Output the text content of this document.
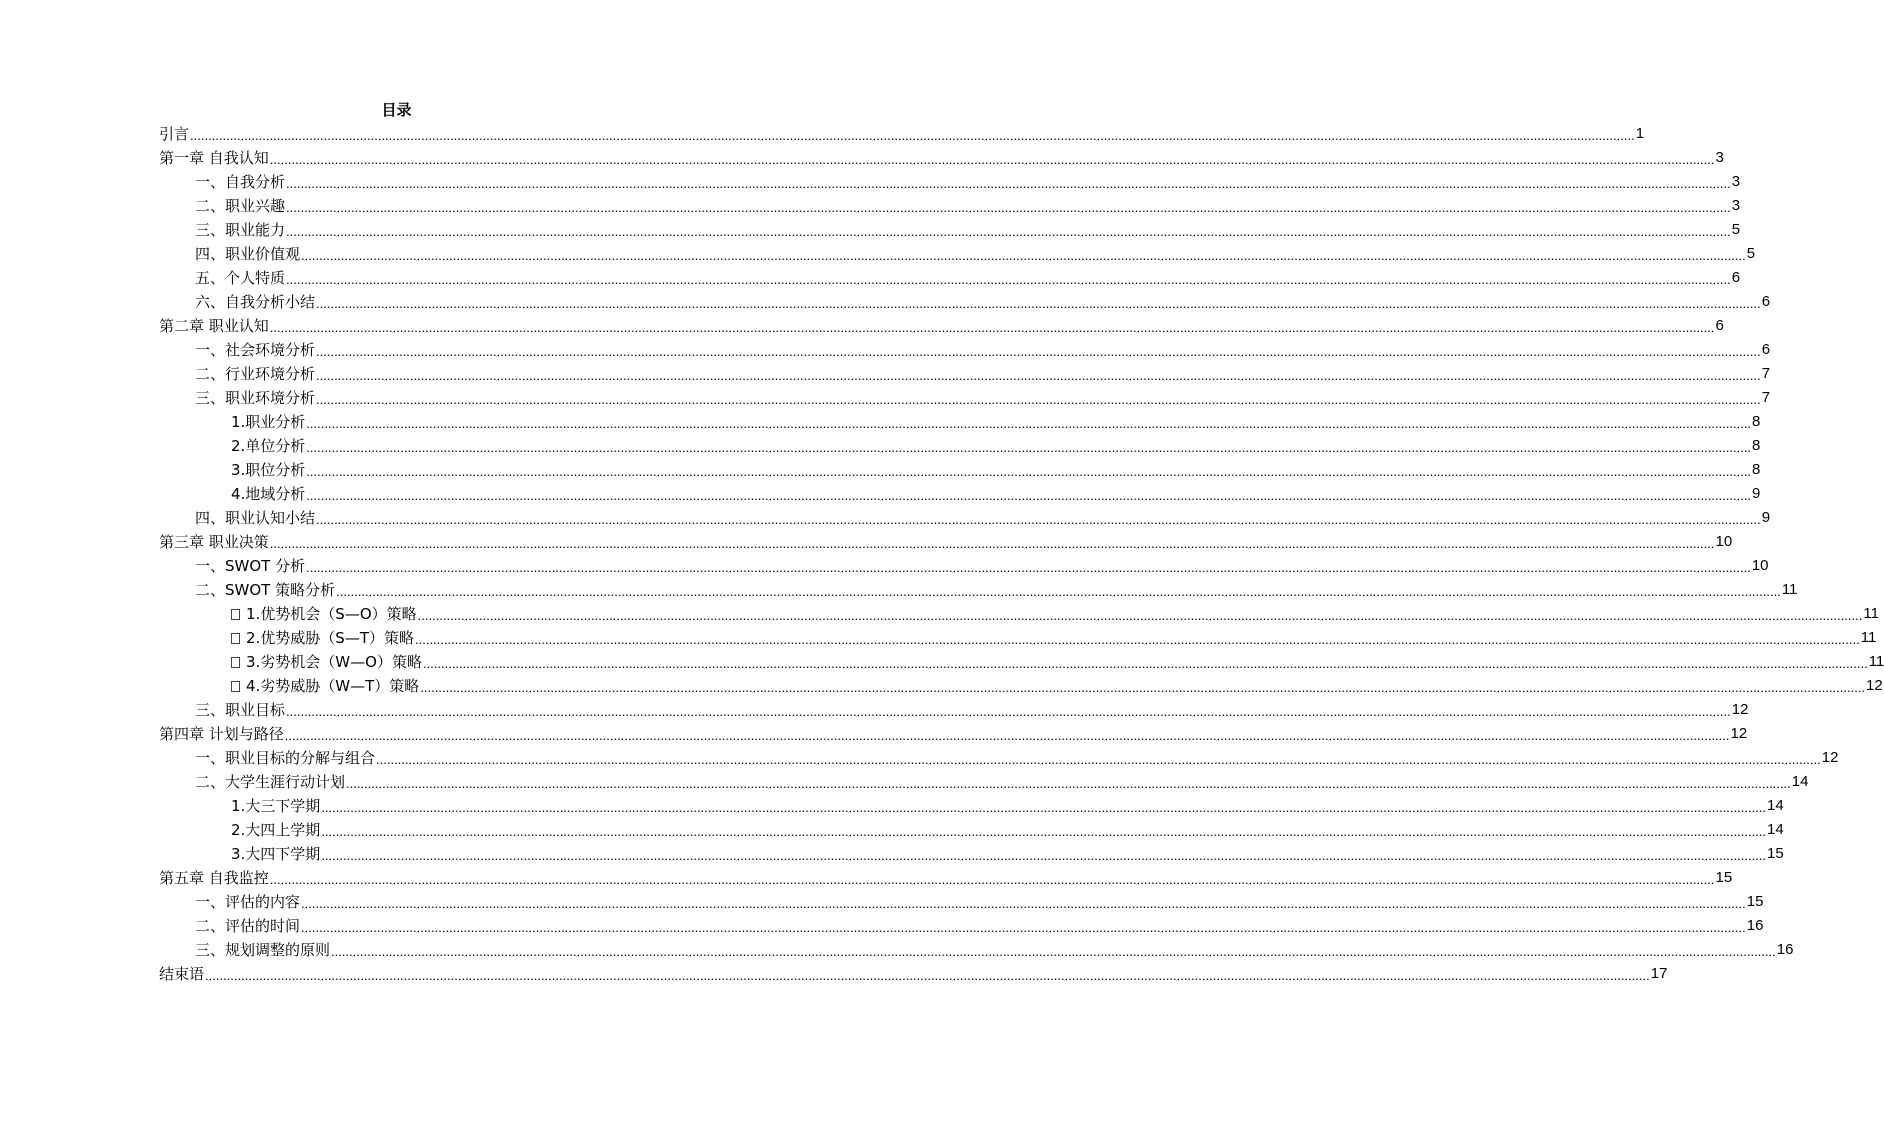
目录
引言 ................................................................................................................................................................................................................................................................................................................................................................................................................ 1
第一章 自我认知 ................................................................................................................................................................................................................................................................................................................................................................................................................ 3
一、自我分析 ................................................................................................................................................................................................................................................................................................................................................................................................................ 3
二、职业兴趣 ................................................................................................................................................................................................................................................................................................................................................................................................................ 3
三、职业能力 ................................................................................................................................................................................................................................................................................................................................................................................................................ 5
四、职业价值观 ................................................................................................................................................................................................................................................................................................................................................................................................................ 5
五、个人特质 ................................................................................................................................................................................................................................................................................................................................................................................................................ 6
六、自我分析小结 ................................................................................................................................................................................................................................................................................................................................................................................................................ 6
第二章 职业认知 ................................................................................................................................................................................................................................................................................................................................................................................................................ 6
一、社会环境分析 ................................................................................................................................................................................................................................................................................................................................................................................................................ 6
二、行业环境分析 ................................................................................................................................................................................................................................................................................................................................................................................................................ 7
三、职业环境分析 ................................................................................................................................................................................................................................................................................................................................................................................................................ 7
1.职业分析 ................................................................................................................................................................................................................................................................................................................................................................................................................ 8
2.单位分析 ................................................................................................................................................................................................................................................................................................................................................................................................................ 8
3.职位分析 ................................................................................................................................................................................................................................................................................................................................................................................................................ 8
4.地域分析 ................................................................................................................................................................................................................................................................................................................................................................................................................ 9
四、职业认知小结 ................................................................................................................................................................................................................................................................................................................................................................................................................ 9
第三章 职业决策 ................................................................................................................................................................................................................................................................................................................................................................................................................ 10
一、SWOT 分析 ................................................................................................................................................................................................................................................................................................................................................................................................................ 10
二、SWOT 策略分析 ................................................................................................................................................................................................................................................................................................................................................................................................................ 11
1.优势机会（S—O）策略 ................................................................................................................................................................................................................................................................................................................................................................................................................ 11
2.优势威胁（S—T）策略 ................................................................................................................................................................................................................................................................................................................................................................................................................ 11
3.劣势机会（W—O）策略 ................................................................................................................................................................................................................................................................................................................................................................................................................ 11
4.劣势威胁（W—T）策略 ................................................................................................................................................................................................................................................................................................................................................................................................................ 12
三、职业目标 ................................................................................................................................................................................................................................................................................................................................................................................................................ 12
第四章 计划与路径 ................................................................................................................................................................................................................................................................................................................................................................................................................ 12
一、职业目标的分解与组合 ................................................................................................................................................................................................................................................................................................................................................................................................................ 12
二、大学生涯行动计划 ................................................................................................................................................................................................................................................................................................................................................................................................................ 14
1.大三下学期 ................................................................................................................................................................................................................................................................................................................................................................................................................ 14
2.大四上学期 ................................................................................................................................................................................................................................................................................................................................................................................................................ 14
3.大四下学期 ................................................................................................................................................................................................................................................................................................................................................................................................................ 15
第五章 自我监控 ................................................................................................................................................................................................................................................................................................................................................................................................................ 15
一、评估的内容 ................................................................................................................................................................................................................................................................................................................................................................................................................ 15
二、评估的时间 ................................................................................................................................................................................................................................................................................................................................................................................................................ 16
三、规划调整的原则 ................................................................................................................................................................................................................................................................................................................................................................................................................ 16
结束语 ................................................................................................................................................................................................................................................................................................................................................................................................................ 17
